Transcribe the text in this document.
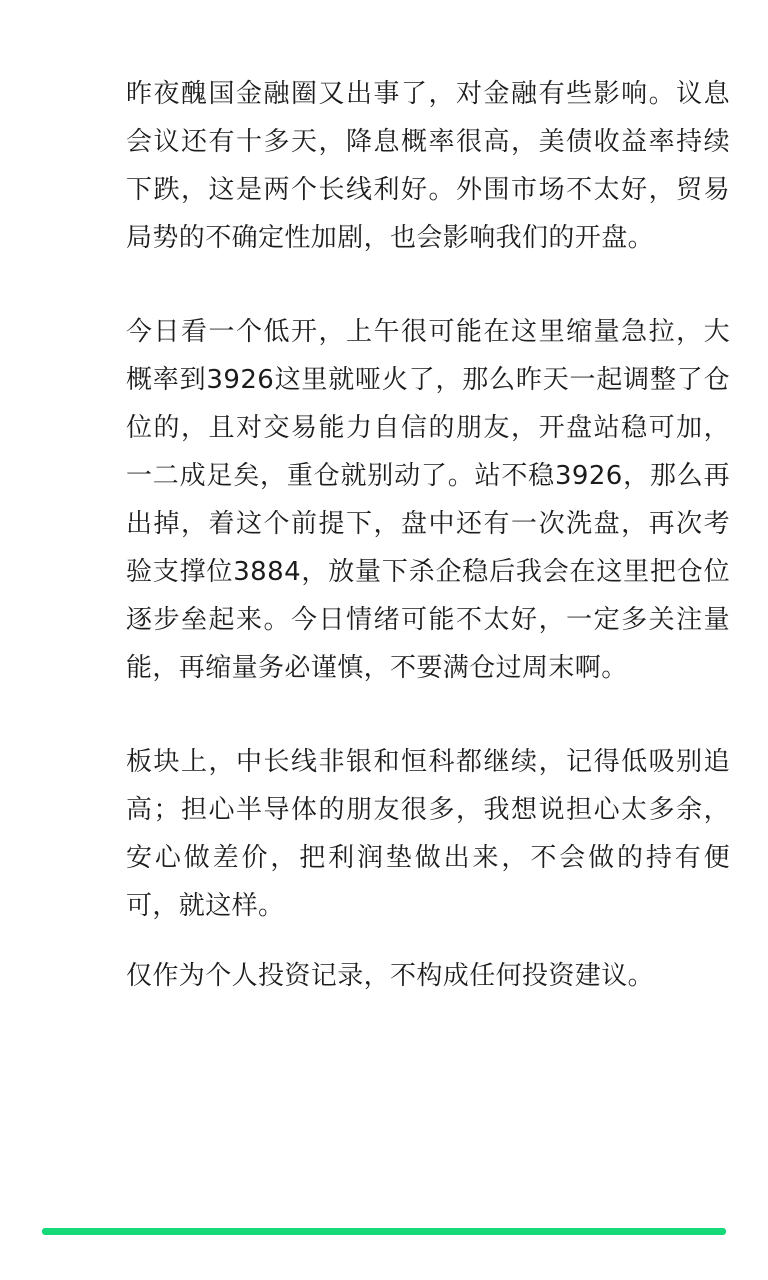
昨夜醜国金融圈又出事了，对金融有些影响。议息会议还有十多天，降息概率很高，美债收益率持续下跌，这是两个长线利好。外围市场不太好，贸易局势的不确定性加剧，也会影响我们的开盘。

今日看一个低开，上午很可能在这里缩量急拉，大概率到3926这里就哑火了，那么昨天一起调整了仓位的，且对交易能力自信的朋友，开盘站稳可加，一二成足矣，重仓就别动了。站不稳3926，那么再出掉，着这个前提下，盘中还有一次洗盘，再次考验支撑位3884，放量下杀企稳后我会在这里把仓位逐步垒起来。今日情绪可能不太好，一定多关注量能，再缩量务必谨慎，不要满仓过周末啊。

板块上，中长线非银和恒科都继续，记得低吸别追高；担心半导体的朋友很多，我想说担心太多余，安心做差价，把利润垫做出来，不会做的持有便可，就这样。

仅作为个人投资记录，不构成任何投资建议。
